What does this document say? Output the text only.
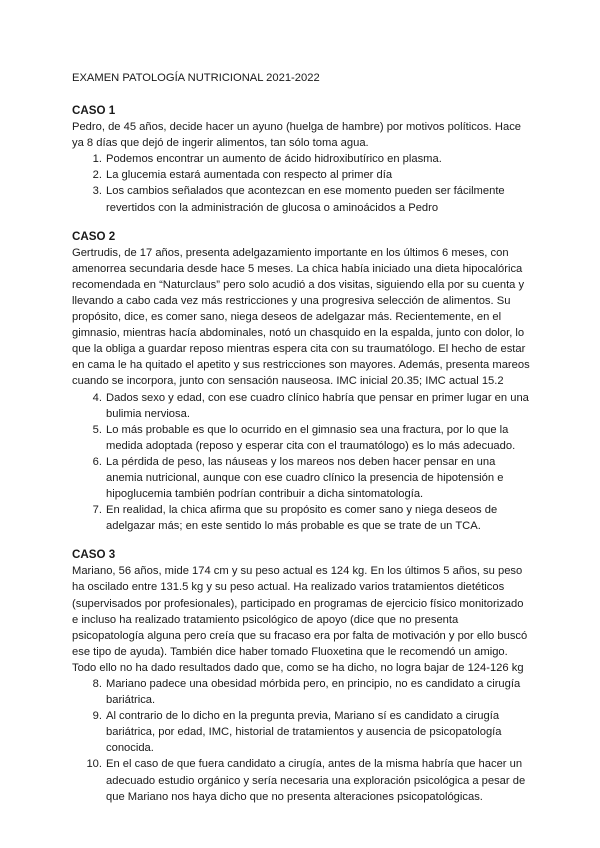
EXAMEN PATOLOGÍA NUTRICIONAL 2021-2022

CASO 1

Pedro, de 45 años, decide hacer un ayuno (huelga de hambre) por motivos políticos. Hace ya 8 días que dejó de ingerir alimentos, tan sólo toma agua.

1. Podemos encontrar un aumento de ácido hidroxibutírico en plasma.
2. La glucemia estará aumentada con respecto al primer día
3. Los cambios señalados que acontezcan en ese momento pueden ser fácilmente revertidos con la administración de glucosa o aminoácidos a Pedro

CASO 2

Gertrudis, de 17 años, presenta adelgazamiento importante en los últimos 6 meses, con amenorrea secundaria desde hace 5 meses. La chica había iniciado una dieta hipocalórica recomendada en “Naturclaus” pero solo acudió a dos visitas, siguiendo ella por su cuenta y llevando a cabo cada vez más restricciones y una progresiva selección de alimentos. Su propósito, dice, es comer sano, niega deseos de adelgazar más. Recientemente, en el gimnasio, mientras hacía abdominales, notó un chasquido en la espalda, junto con dolor, lo que la obliga a guardar reposo mientras espera cita con su traumatólogo. El hecho de estar en cama le ha quitado el apetito y sus restricciones son mayores. Además, presenta mareos cuando se incorpora, junto con sensación nauseosa. IMC inicial 20.35; IMC actual 15.2

4. Dados sexo y edad, con ese cuadro clínico habría que pensar en primer lugar en una bulimia nerviosa.
5. Lo más probable es que lo ocurrido en el gimnasio sea una fractura, por lo que la medida adoptada (reposo y esperar cita con el traumatólogo) es lo más adecuado.
6. La pérdida de peso, las náuseas y los mareos nos deben hacer pensar en una anemia nutricional, aunque con ese cuadro clínico la presencia de hipotensión e hipoglucemia también podrían contribuir a dicha sintomatología.
7. En realidad, la chica afirma que su propósito es comer sano y niega deseos de adelgazar más; en este sentido lo más probable es que se trate de un TCA.

CASO 3

Mariano, 56 años, mide 174 cm y su peso actual es 124 kg. En los últimos 5 años, su peso ha oscilado entre 131.5 kg y su peso actual. Ha realizado varios tratamientos dietéticos (supervisados por profesionales), participado en programas de ejercicio físico monitorizado e incluso ha realizado tratamiento psicológico de apoyo (dice que no presenta psicopatología alguna pero creía que su fracaso era por falta de motivación y por ello buscó ese tipo de ayuda). También dice haber tomado Fluoxetina que le recomendó un amigo. Todo ello no ha dado resultados dado que, como se ha dicho, no logra bajar de 124-126 kg

8. Mariano padece una obesidad mórbida pero, en principio, no es candidato a cirugía bariátrica.
9. Al contrario de lo dicho en la pregunta previa, Mariano sí es candidato a cirugía bariátrica, por edad, IMC, historial de tratamientos y ausencia de psicopatología conocida.
10. En el caso de que fuera candidato a cirugía, antes de la misma habría que hacer un adecuado estudio orgánico y sería necesaria una exploración psicológica a pesar de que Mariano nos haya dicho que no presenta alteraciones psicopatológicas.
